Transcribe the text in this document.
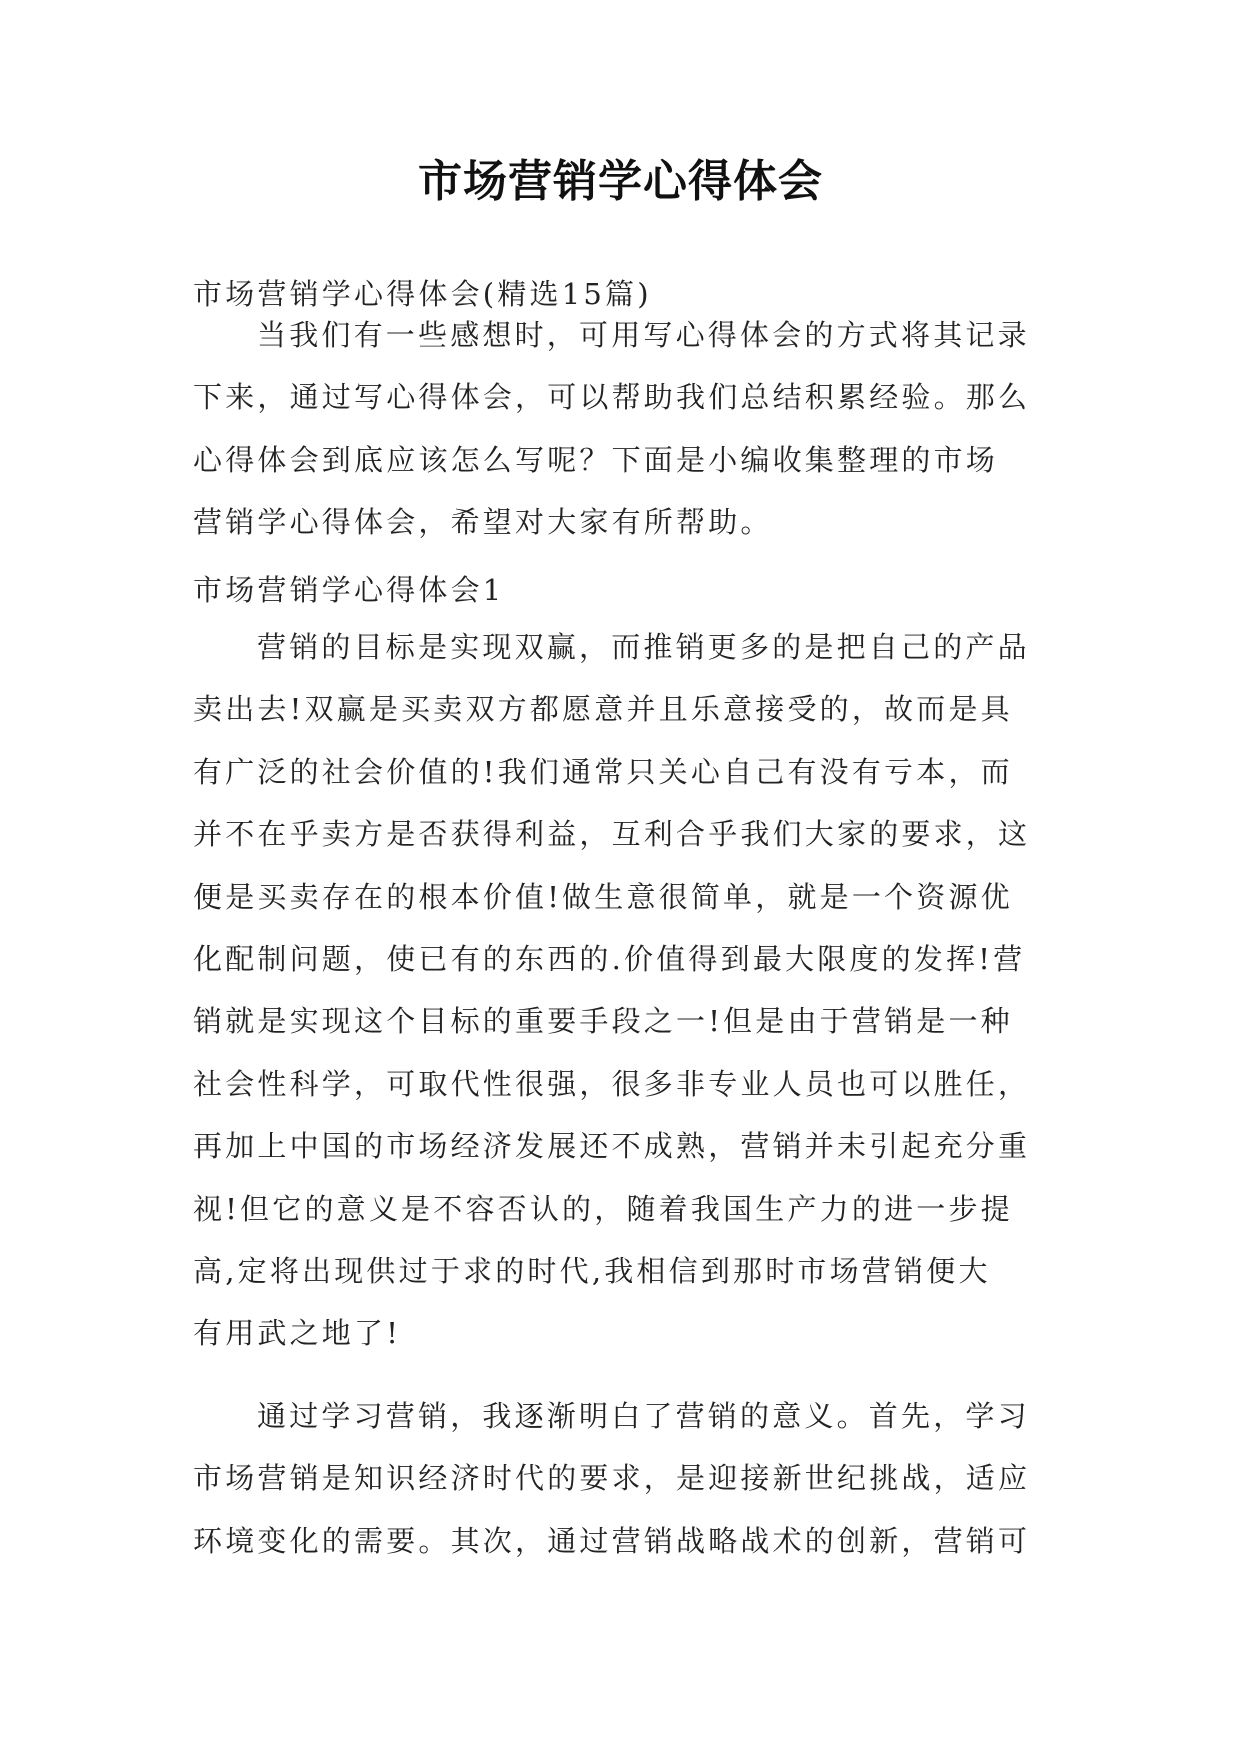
市场营销学心得体会
市场营销学心得体会(精选15篇)
当我们有一些感想时，可用写心得体会的方式将其记录
下来，通过写心得体会，可以帮助我们总结积累经验。那么
心得体会到底应该怎么写呢？下面是小编收集整理的市场
营销学心得体会，希望对大家有所帮助。
市场营销学心得体会1
营销的目标是实现双赢，而推销更多的是把自己的产品
卖出去!双赢是买卖双方都愿意并且乐意接受的，故而是具
有广泛的社会价值的!我们通常只关心自己有没有亏本，而
并不在乎卖方是否获得利益，互利合乎我们大家的要求，这
便是买卖存在的根本价值!做生意很简单，就是一个资源优
化配制问题，使已有的东西的.价值得到最大限度的发挥!营
销就是实现这个目标的重要手段之一!但是由于营销是一种
社会性科学，可取代性很强，很多非专业人员也可以胜任，
再加上中国的市场经济发展还不成熟，营销并未引起充分重
视!但它的意义是不容否认的，随着我国生产力的进一步提
高,定将出现供过于求的时代,我相信到那时市场营销便大
有用武之地了!
通过学习营销，我逐渐明白了营销的意义。首先，学习
市场营销是知识经济时代的要求，是迎接新世纪挑战，适应
环境变化的需要。其次，通过营销战略战术的创新，营销可
